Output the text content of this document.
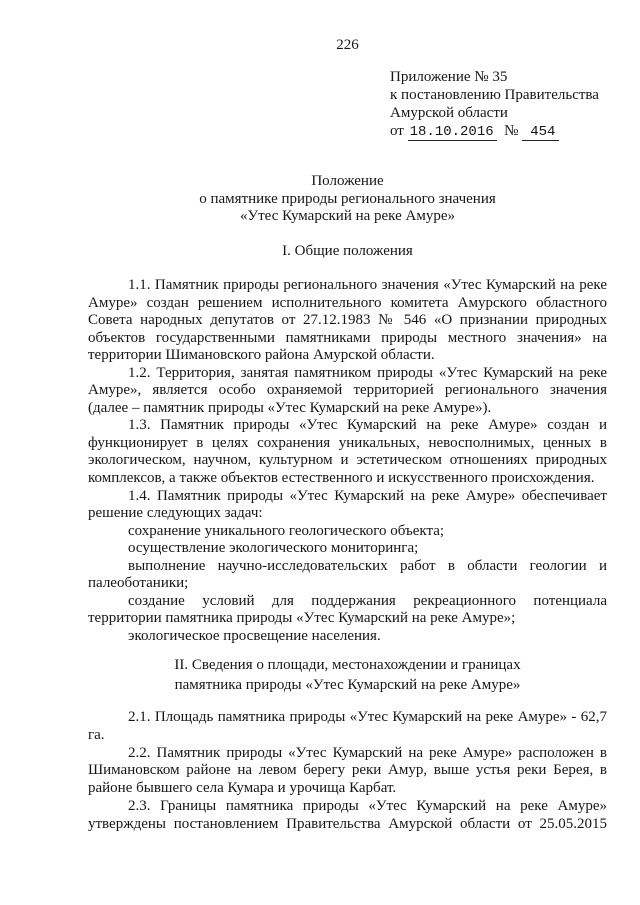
226
Приложение № 35
к постановлению Правительства
Амурской области
от 18.10.2016 № 454
Положение
о памятнике природы регионального значения
«Утес Кумарский на реке Амуре»
I. Общие положения
1.1. Памятник природы регионального значения «Утес Кумарский на реке
Амуре» создан решением исполнительного комитета Амурского областного
Совета народных депутатов от 27.12.1983 № 546 «О признании природных
объектов государственными памятниками природы местного значения» на
территории Шимановского района Амурской области.
1.2. Территория, занятая памятником природы «Утес Кумарский на реке
Амуре», является особо охраняемой территорией регионального значения
(далее – памятник природы «Утес Кумарский на реке Амуре»).
1.3. Памятник природы «Утес Кумарский на реке Амуре» создан и
функционирует в целях сохранения уникальных, невосполнимых, ценных в
экологическом, научном, культурном и эстетическом отношениях природных
комплексов, а также объектов естественного и искусственного происхождения.
1.4. Памятник природы «Утес Кумарский на реке Амуре» обеспечивает
решение следующих задач:
сохранение уникального геологического объекта;
осуществление экологического мониторинга;
выполнение научно-исследовательских работ в области геологии и
палеоботаники;
создание условий для поддержания рекреационного потенциала
территории памятника природы «Утес Кумарский на реке Амуре»;
экологическое просвещение населения.
II. Сведения о площади, местонахождении и границах
памятника природы «Утес Кумарский на реке Амуре»
2.1. Площадь памятника природы «Утес Кумарский на реке Амуре» - 62,7
га.
2.2. Памятник природы «Утес Кумарский на реке Амуре» расположен в
Шимановском районе на левом берегу реки Амур, выше устья реки Берея, в
районе бывшего села Кумара и урочища Карбат.
2.3. Границы памятника природы «Утес Кумарский на реке Амуре»
утверждены постановлением Правительства Амурской области от 25.05.2015
